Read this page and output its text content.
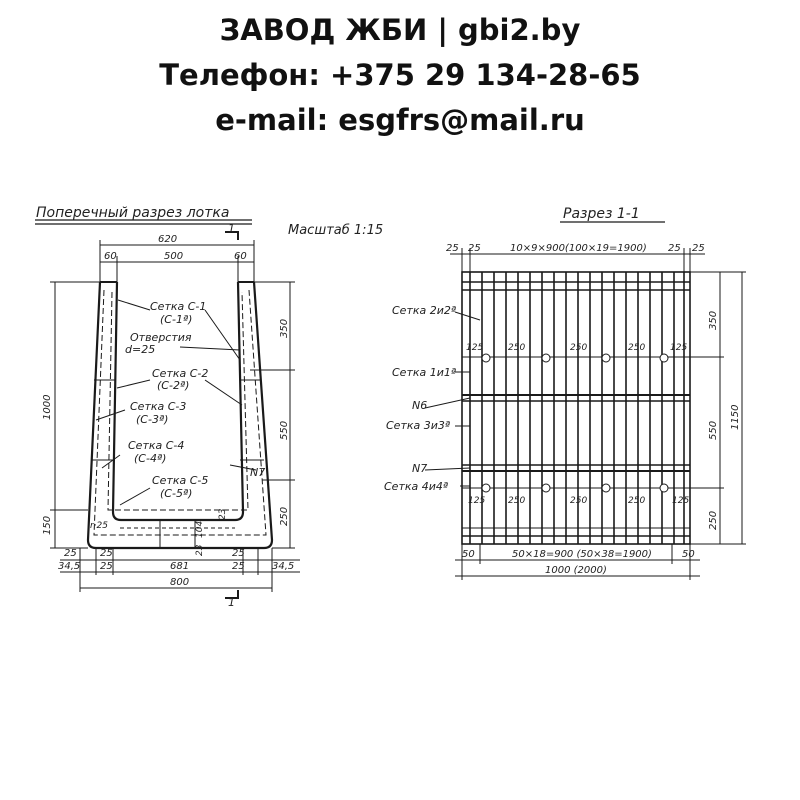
ЗАВОД ЖБИ | gbi2.by
Телефон: +375 29 134-28-65
e-mail: esgfrs@mail.ru
Поперечный разрез лотка
1
1
Масштаб 1:15
620
500
60	60
1000
150
350
550
250
25 25
34,5 25	681
25
25	34,5
800
r·25	104
23
23
Сетка С-1
(С-1ª)
Отверстия
d=25
Сетка С-2
(С-2ª)
Сетка С-3
(С-3ª)
Сетка С-4
(С-4ª)
Сетка С-5
(С-5ª)
N7
Разрез 1-1
25 25	10×9×900(100×19=1900) 25 25
350
550
250
1150
50	50×18=900 (50×38=1900)	50
1000 (2000)
125	250	250	250	125
125	250	250	250	125
Сетка 2и2ª
Сетка 1и1ª
N6
Сетка 3и3ª
N7
Сетка 4и4ª
